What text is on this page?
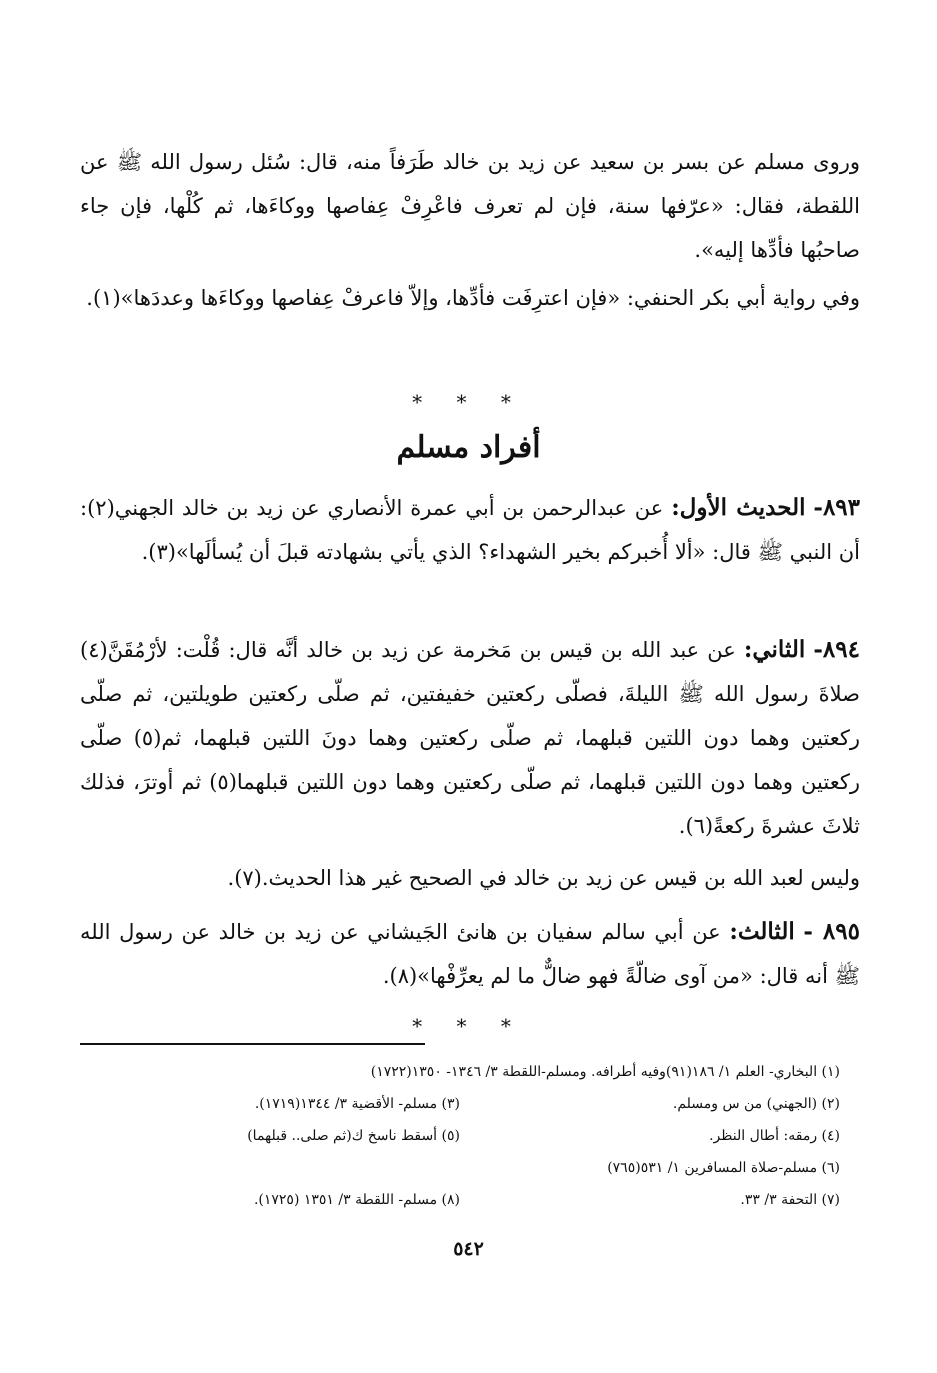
وروى مسلم عن بسر بن سعيد عن زيد بن خالد طَرَفاً منه، قال: سُئل رسول الله ﷺ عن اللقطة، فقال: «عرّفها سنة، فإن لم تعرف فاعْرِفْ عِفاصها ووكاءَها، ثم كُلْها، فإن جاء صاحبُها فأدِّها إليه».
وفي رواية أبي بكر الحنفي: «فإن اعترِفَت فأدِّها، وإلاّ فاعرفْ عِفاصها ووكاءَها وعددَها»(١).
* * *
أفراد مسلم
٨٩٣- الحديث الأول: عن عبدالرحمن بن أبي عمرة الأنصاري عن زيد بن خالد الجهني(٢): أن النبي ﷺ قال: «ألا أُخبركم بخير الشهداء؟ الذي يأتي بشهادته قبلَ أن يُسألَها»(٣).
٨٩٤- الثاني: عن عبد الله بن قيس بن مَخرمة عن زيد بن خالد أنَّه قال: قُلْت: لأرْمُقَنَّ(٤) صلاةَ رسول الله ﷺ الليلةَ، فصلّى ركعتين خفيفتين، ثم صلّى ركعتين طويلتين، ثم صلّى ركعتين وهما دون اللتين قبلهما، ثم صلّى ركعتين وهما دونَ اللتين قبلهما، ثم(٥) صلّى ركعتين وهما دون اللتين قبلهما، ثم صلّى ركعتين وهما دون اللتين قبلهما(٥) ثم أوترَ، فذلك ثلاثَ عشرةَ ركعةً(٦).
وليس لعبد الله بن قيس عن زيد بن خالد في الصحيح غير هذا الحديث.(٧).
٨٩٥ - الثالث: عن أبي سالم سفيان بن هانئ الجَيشاني عن زيد بن خالد عن رسول الله ﷺ أنه قال: «من آوى ضالّةً فهو ضالٌّ ما لم يعرِّفْها»(٨).
* * *
(١) البخاري- العلم ١/ ١٨٦(٩١)وفيه أطرافه. ومسلم-اللقطة ٣/ ١٣٤٦- ١٣٥٠(١٧٢٢)
(٢) (الجهني) من س ومسلم.
(٣) مسلم- الأقضية ٣/ ١٣٤٤(١٧١٩).
(٤) رمقه: أطال النظر.
(٥) أسقط ناسخ ك(ثم صلى.. قبلهما)
(٦) مسلم-صلاة المسافرين ١/ ٥٣١(٧٦٥)
(٧) التحفة ٣/ ٣٣.
(٨) مسلم- اللقطة ٣/ ١٣٥١ (١٧٢٥).
٥٤٢
